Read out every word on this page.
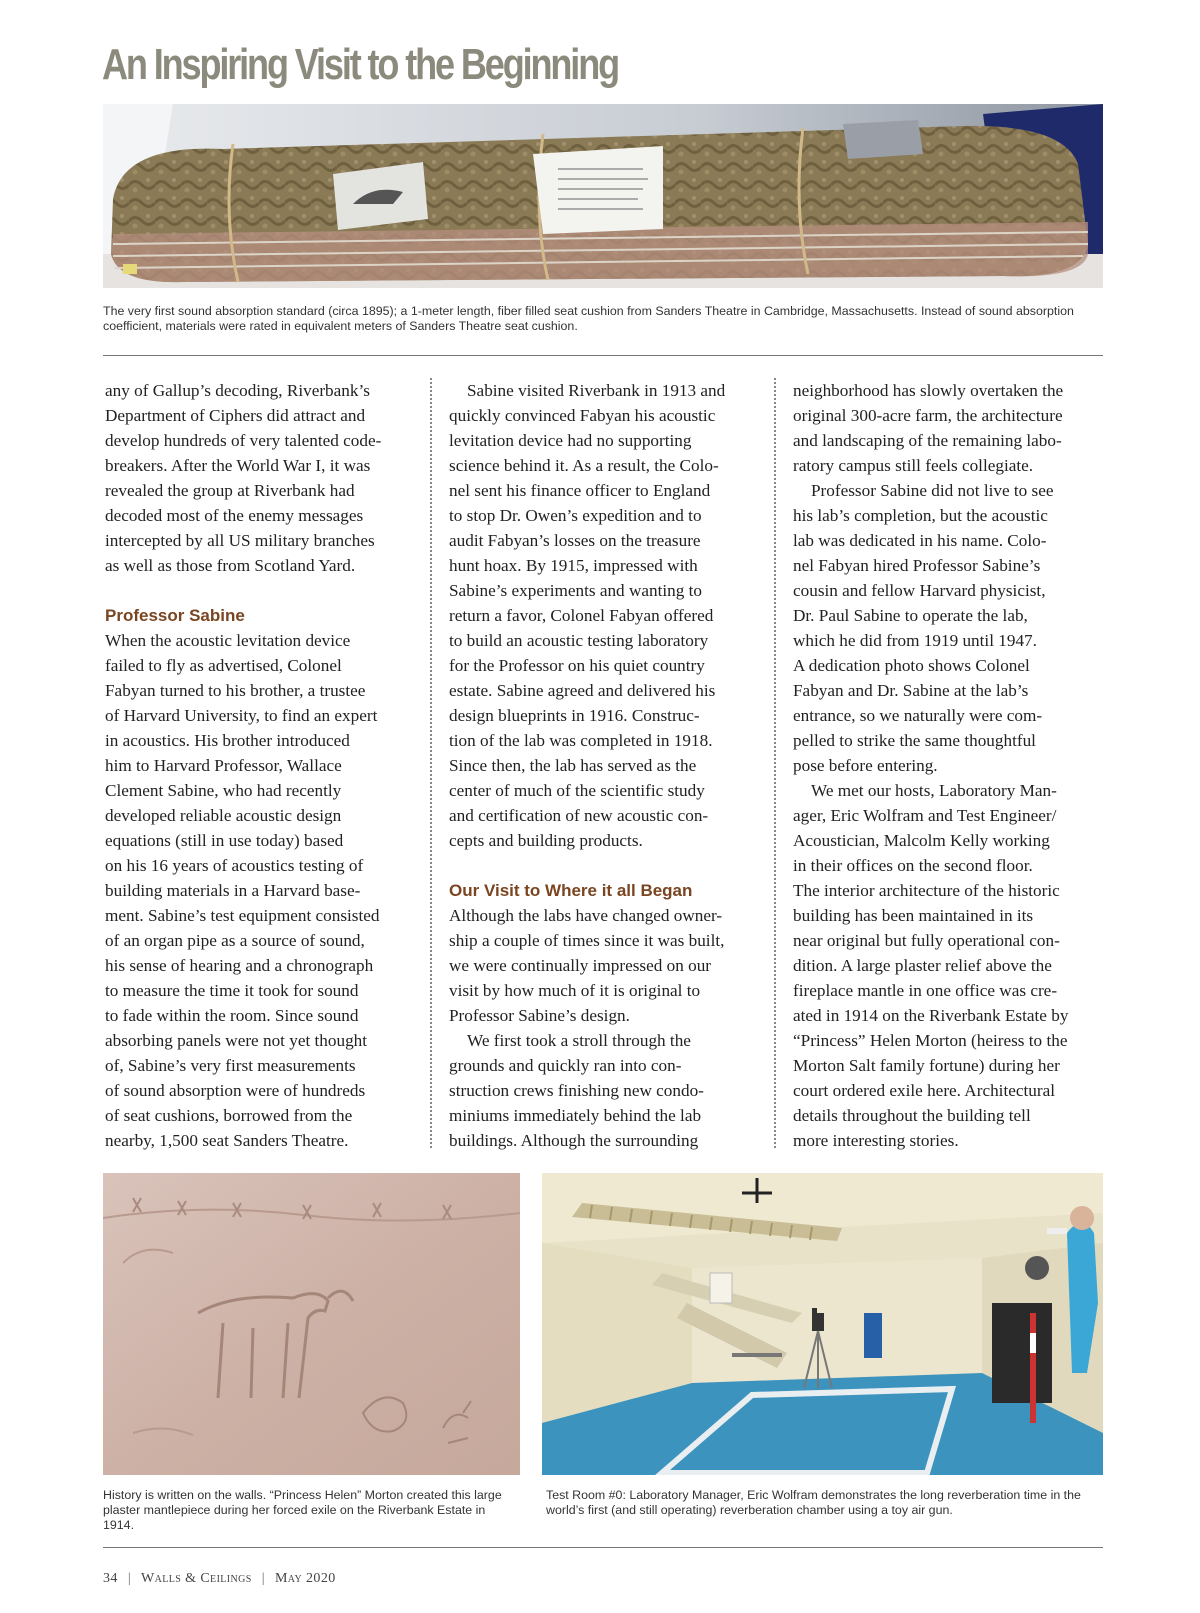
An Inspiring Visit to the Beginning
The very first sound absorption standard (circa 1895); a 1-meter length, fiber filled seat cushion from Sanders Theatre in Cambridge, Massachusetts. Instead of sound absorption coefficient, materials were rated in equivalent meters of Sanders Theatre seat cushion.

any of Gallup’s decoding, Riverbank’s
Department of Ciphers did attract and
develop hundreds of very talented code-
breakers. After the World War I, it was
revealed the group at Riverbank had
decoded most of the enemy messages
intercepted by all US military branches
as well as those from Scotland Yard.

Professor Sabine

When the acoustic levitation device
failed to fly as advertised, Colonel
Fabyan turned to his brother, a trustee
of Harvard University, to find an expert
in acoustics. His brother introduced
him to Harvard Professor, Wallace
Clement Sabine, who had recently
developed reliable acoustic design
equations (still in use today) based
on his 16 years of acoustics testing of
building materials in a Harvard base-
ment. Sabine’s test equipment consisted
of an organ pipe as a source of sound,
his sense of hearing and a chronograph
to measure the time it took for sound
to fade within the room. Since sound
absorbing panels were not yet thought
of, Sabine’s very first measurements
of sound absorption were of hundreds
of seat cushions, borrowed from the
nearby, 1,500 seat Sanders Theatre.

Sabine visited Riverbank in 1913 and
quickly convinced Fabyan his acoustic
levitation device had no supporting
science behind it. As a result, the Colo-
nel sent his finance officer to England
to stop Dr. Owen’s expedition and to
audit Fabyan’s losses on the treasure
hunt hoax. By 1915, impressed with
Sabine’s experiments and wanting to
return a favor, Colonel Fabyan offered
to build an acoustic testing laboratory
for the Professor on his quiet country
estate. Sabine agreed and delivered his
design blueprints in 1916. Construc-
tion of the lab was completed in 1918.
Since then, the lab has served as the
center of much of the scientific study
and certification of new acoustic con-
cepts and building products.

Our Visit to Where it all Began

Although the labs have changed owner-
ship a couple of times since it was built,
we were continually impressed on our
visit by how much of it is original to
Professor Sabine’s design.

We first took a stroll through the
grounds and quickly ran into con-
struction crews finishing new condo-
miniums immediately behind the lab
buildings. Although the surrounding

neighborhood has slowly overtaken the
original 300-acre farm, the architecture
and landscaping of the remaining labo-
ratory campus still feels collegiate.

Professor Sabine did not live to see
his lab’s completion, but the acoustic
lab was dedicated in his name. Colo-
nel Fabyan hired Professor Sabine’s
cousin and fellow Harvard physicist,
Dr. Paul Sabine to operate the lab,
which he did from 1919 until 1947.
A dedication photo shows Colonel
Fabyan and Dr. Sabine at the lab’s
entrance, so we naturally were com-
pelled to strike the same thoughtful
pose before entering.

We met our hosts, Laboratory Man-
ager, Eric Wolfram and Test Engineer/
Acoustician, Malcolm Kelly working
in their offices on the second floor.
The interior architecture of the historic
building has been maintained in its
near original but fully operational con-
dition. A large plaster relief above the
fireplace mantle in one office was cre-
ated in 1914 on the Riverbank Estate by
“Princess” Helen Morton (heiress to the
Morton Salt family fortune) during her
court ordered exile here. Architectural
details throughout the building tell
more interesting stories.

History is written on the walls. “Princess Helen” Morton created this large plaster mantlepiece during her forced exile on the Riverbank Estate in 1914.
Test Room #0: Laboratory Manager, Eric Wolfram demonstrates the long reverberation time in the world’s first (and still operating) reverberation chamber using a toy air gun.
34 | Walls & Ceilings | May 2020
